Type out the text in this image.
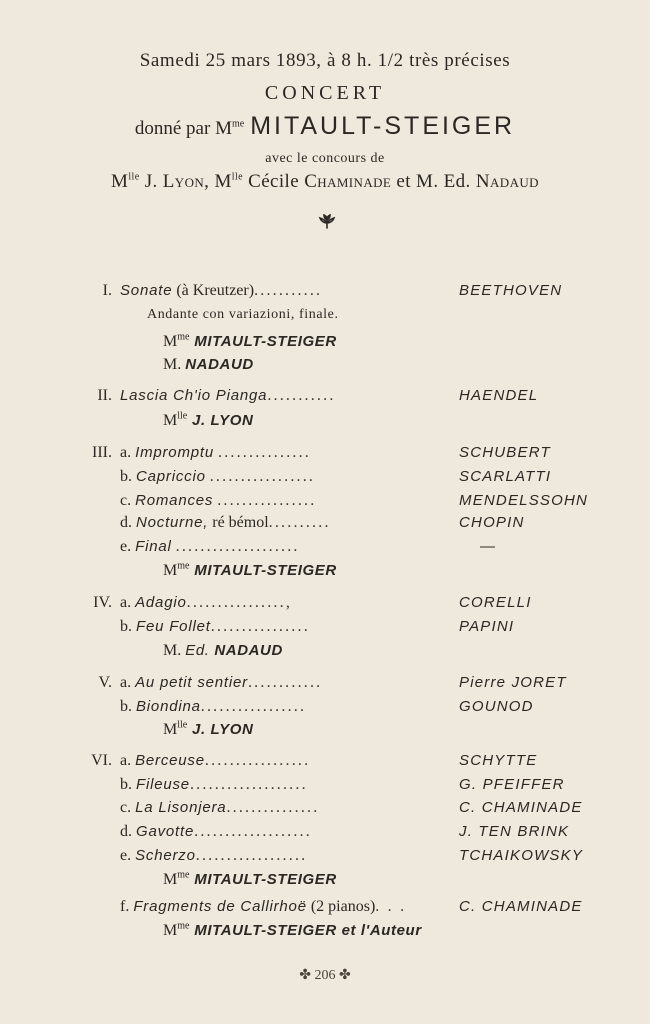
Samedi 25 mars 1893, à 8 h. 1/2 très précises
CONCERT
donné par $M^{me}$ MITAULT-STEIGER
avec le concours de
$M^{lle}$ J. Lyon, $M^{lle}$ Cécile Chaminade et M. Ed. Nadaud
I. Sonate (à Kreutzer)...........	BEETHOVEN
Andante con variazioni, finale.
$M^{me}$ MITAULT-STEIGER
M. NADAUD
II. Lascia Ch'io Pianga...........	HAENDEL
$M^{lle}$ J. LYON
III. a. Impromptu ...............	SCHUBERT
b. Capriccio .................	SCARLATTI
c. Romances ................	MENDELSSOHN
d. Nocturne, ré bémol..........	CHOPIN
e. Final ....................	—
$M^{me}$ MITAULT-STEIGER
IV. a. Adagio................,	CORELLI
b. Feu Follet................	PAPINI
M. Ed. NADAUD
V. a. Au petit sentier............	Pierre JORET
b. Biondina.................	GOUNOD
$M^{lle}$ J. LYON
VI. a. Berceuse.................	SCHYTTE
b. Fileuse...................	G. PFEIFFER
c. La Lisonjera...............	C. CHAMINADE
d. Gavotte...................	J. TEN BRINK
e. Scherzo..................	TCHAIKOWSKY
$M^{me}$ MITAULT-STEIGER
f. Fragments de Callirhoë (2 pianos). . .	C. CHAMINADE
$M^{me}$ MITAULT-STEIGER et l'Auteur
✤ 206 ✤
